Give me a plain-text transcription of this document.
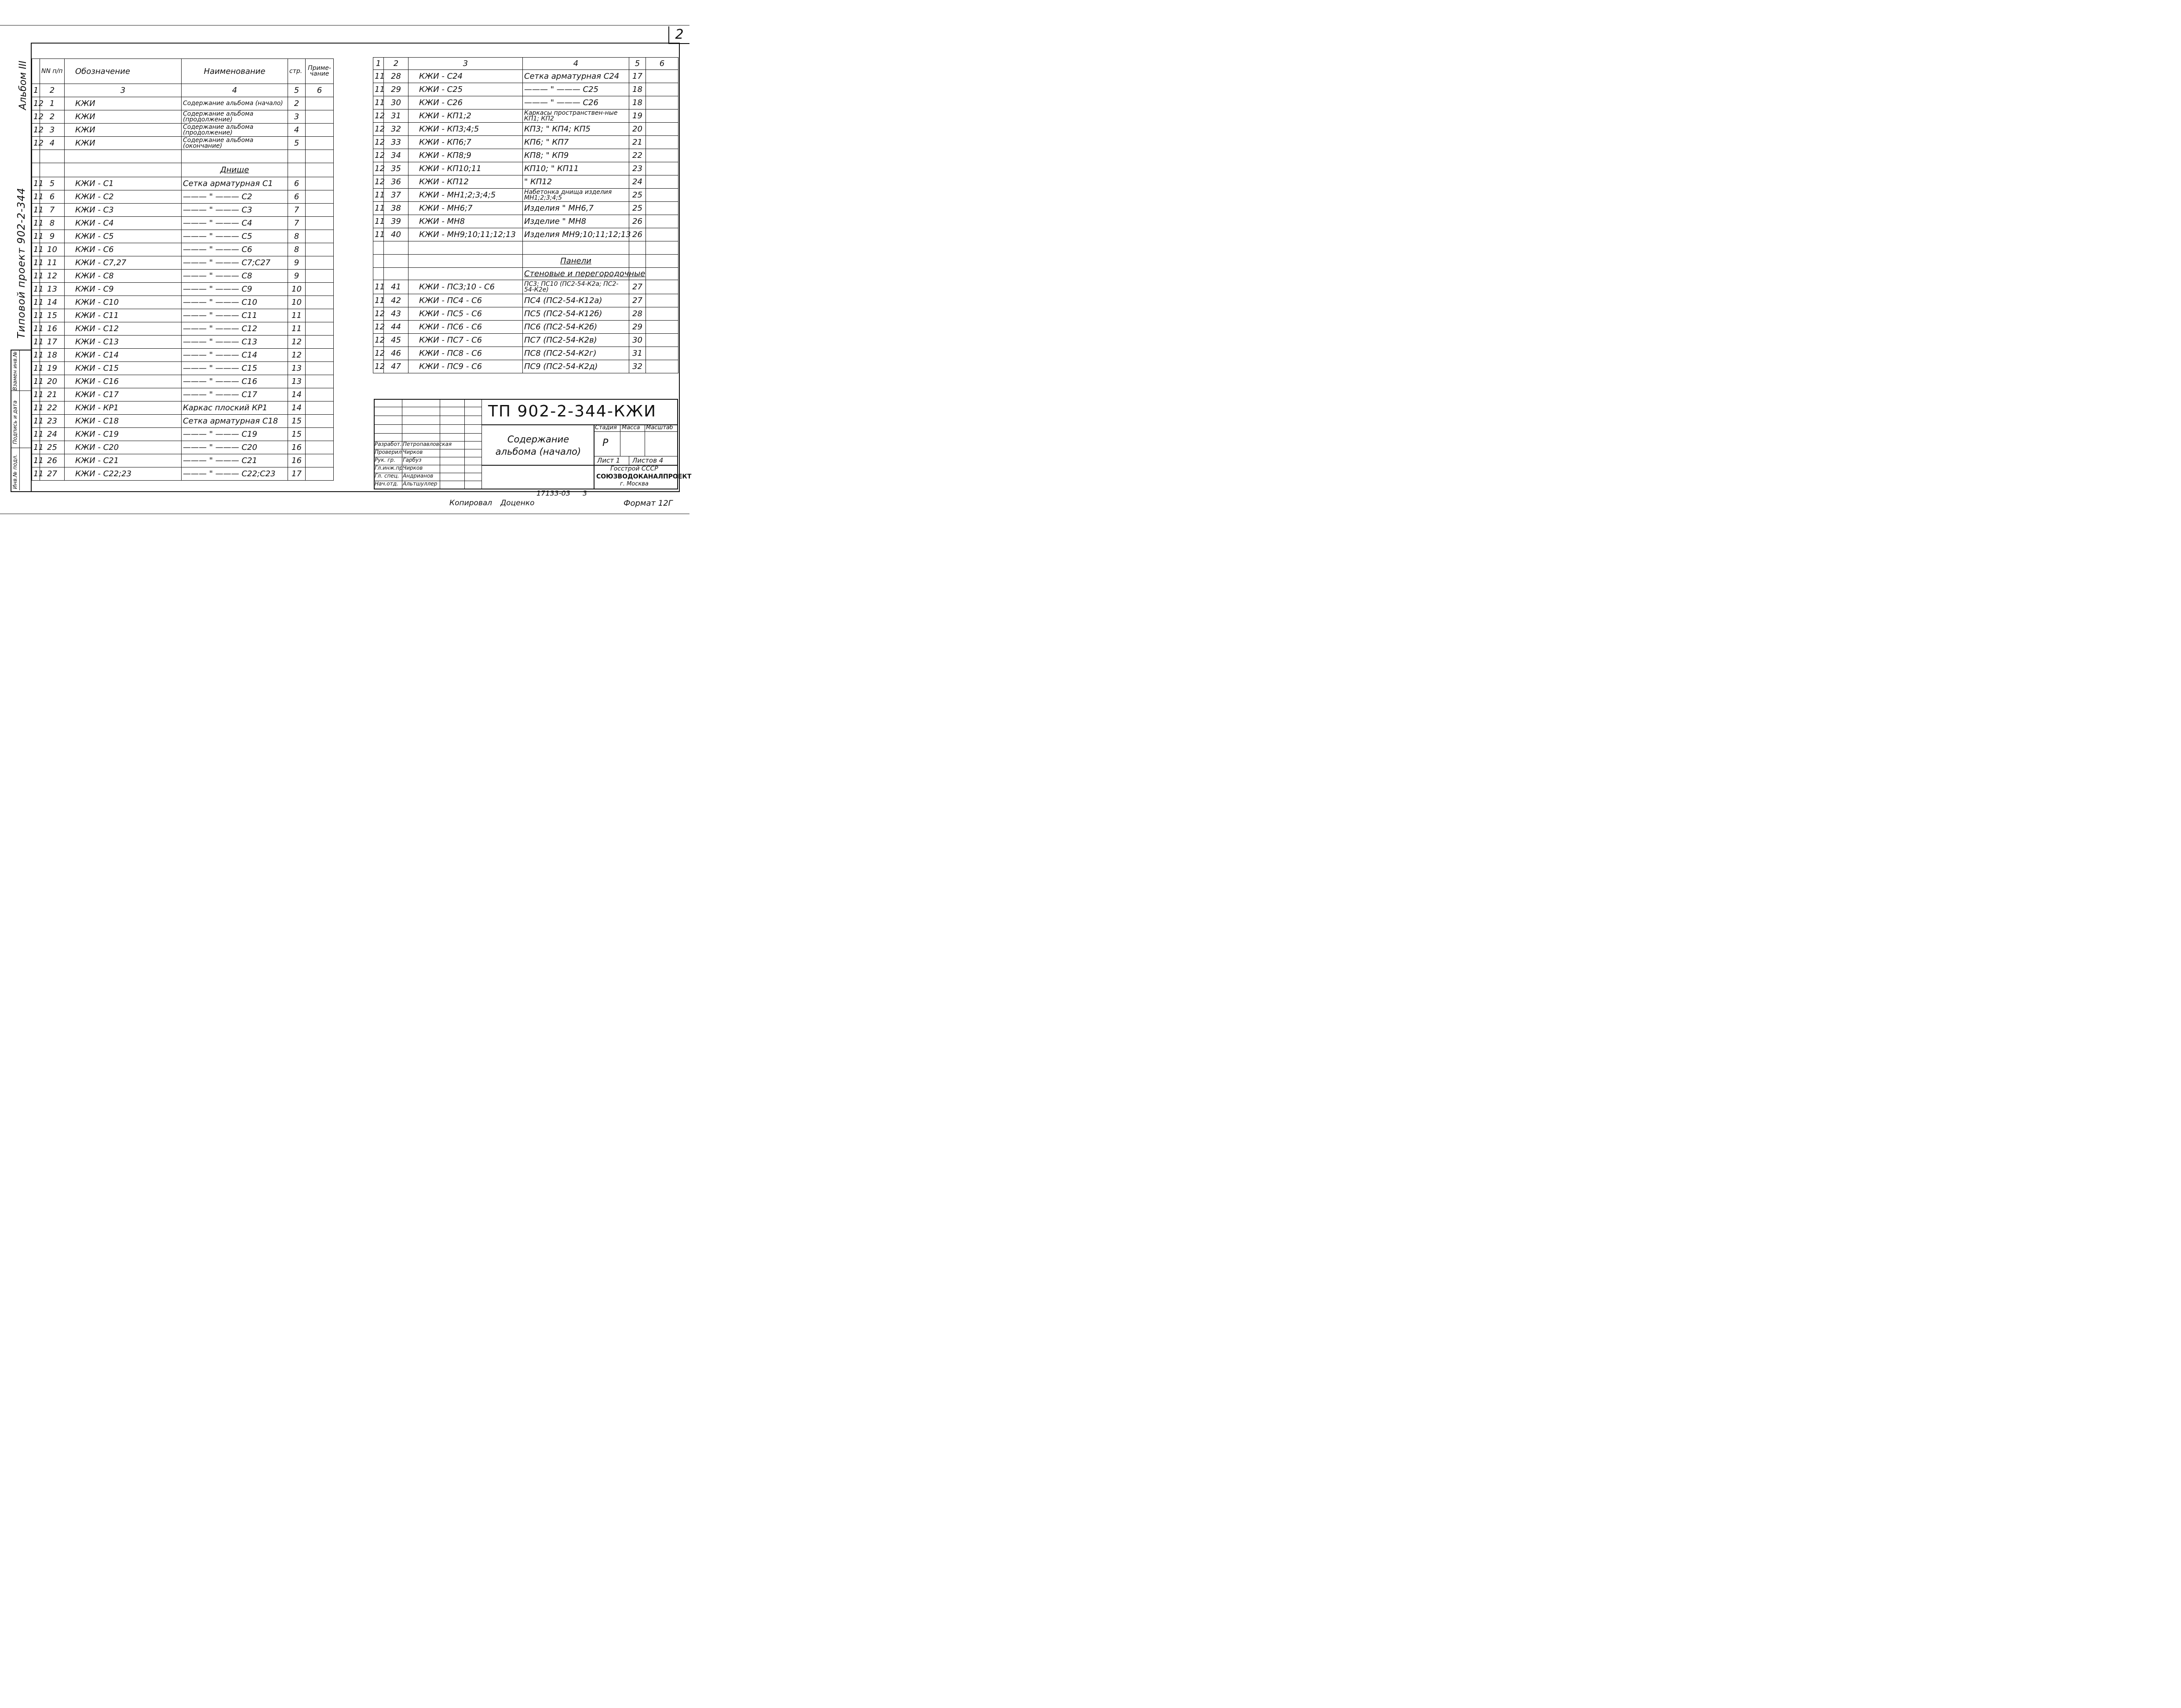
2
Альбом III
Типовой проект 902-2-344
Инв.№ подл.
Подпись и дата
Взамен инв.№
	NN п/п	Обозначение	Наименование	стр.	Приме-чание
1	2	3	4	5	6
12	1	КЖИ	Содержание альбома (начало)	2	
12	2	КЖИ	Содержание альбома (продолжение)	3	
12	3	КЖИ	Содержание альбома (продолжение)	4	
12	4	КЖИ	Содержание альбома (окончание)	5	

			Днище		
11	5	КЖИ - С1	Сетка арматурная С1	6	
11	6	КЖИ - С2	——— " ——— С2	6	
11	7	КЖИ - С3	——— " ——— С3	7	
11	8	КЖИ - С4	——— " ——— С4	7	
11	9	КЖИ - С5	——— " ——— С5	8	
11	10	КЖИ - С6	——— " ——— С6	8	
11	11	КЖИ - С7,27	——— " ——— С7;С27	9	
11	12	КЖИ - С8	——— " ——— С8	9	
11	13	КЖИ - С9	——— " ——— С9	10	
11	14	КЖИ - С10	——— " ——— С10	10	
11	15	КЖИ - С11	——— " ——— С11	11	
11	16	КЖИ - С12	——— " ——— С12	11	
11	17	КЖИ - С13	——— " ——— С13	12	
11	18	КЖИ - С14	——— " ——— С14	12	
11	19	КЖИ - С15	——— " ——— С15	13	
11	20	КЖИ - С16	——— " ——— С16	13	
11	21	КЖИ - С17	——— " ——— С17	14	
11	22	КЖИ - КР1	Каркас плоский КР1	14	
11	23	КЖИ - С18	Сетка арматурная С18	15	
11	24	КЖИ - С19	——— " ——— С19	15	
11	25	КЖИ - С20	——— " ——— С20	16	
11	26	КЖИ - С21	——— " ——— С21	16	
11	27	КЖИ - С22;23	——— " ——— С22;С23	17	
1	2	3	4	5	6
11	28	КЖИ - С24	Сетка арматурная С24	17	
11	29	КЖИ - С25	——— " ——— С25	18	
11	30	КЖИ - С26	——— " ——— С26	18	
12	31	КЖИ - КП1;2	Каркасы пространствен-ные КП1; КП2	19	
12	32	КЖИ - КП3;4;5	КП3; " КП4; КП5	20	
12	33	КЖИ - КП6;7	КП6; " КП7	21	
12	34	КЖИ - КП8;9	КП8; " КП9	22	
12	35	КЖИ - КП10;11	КП10; " КП11	23	
12	36	КЖИ - КП12	" КП12	24	
11	37	КЖИ - МН1;2;3;4;5	Набетонка днища изделия МН1;2;3;4;5	25	
11	38	КЖИ - МН6;7	Изделия " МН6,7	25	
11	39	КЖИ - МН8	Изделие " МН8	26	
11	40	КЖИ - МН9;10;11;12;13	Изделия МН9;10;11;12;13	26	

			Панели		
			Стеновые и перегородочные		
11	41	КЖИ - ПС3;10 - С6	ПС3; ПС10 (ПС2-54-К2а; ПС2-54-К2е)	27	
11	42	КЖИ - ПС4 - С6	ПС4 (ПС2-54-К12а)	27	
12	43	КЖИ - ПС5 - С6	ПС5 (ПС2-54-К12б)	28	
12	44	КЖИ - ПС6 - С6	ПС6 (ПС2-54-К2б)	29	
12	45	КЖИ - ПС7 - С6	ПС7 (ПС2-54-К2в)	30	
12	46	КЖИ - ПС8 - С6	ПС8 (ПС2-54-К2г)	31	
12	47	КЖИ - ПС9 - С6	ПС9 (ПС2-54-К2д)	32	
Разработ. Петропавловская
Проверил Чирков
Рук. гр. Гарбуз
Гл.инж.пр.
Чирков
Гл. спец. Андрианов
Нач.отд. Альтшуллер
ТП 902-2-344-КЖИ
Содержание альбома (начало)
Стадия Масса Масштаб
Р
Лист 1 Листов 4
Госстрой СССР
СОЮЗВОДОКАНАЛПРОЕКТ
г. Москва
17133-03 3
Копировал Доценко	Формат 12Г
